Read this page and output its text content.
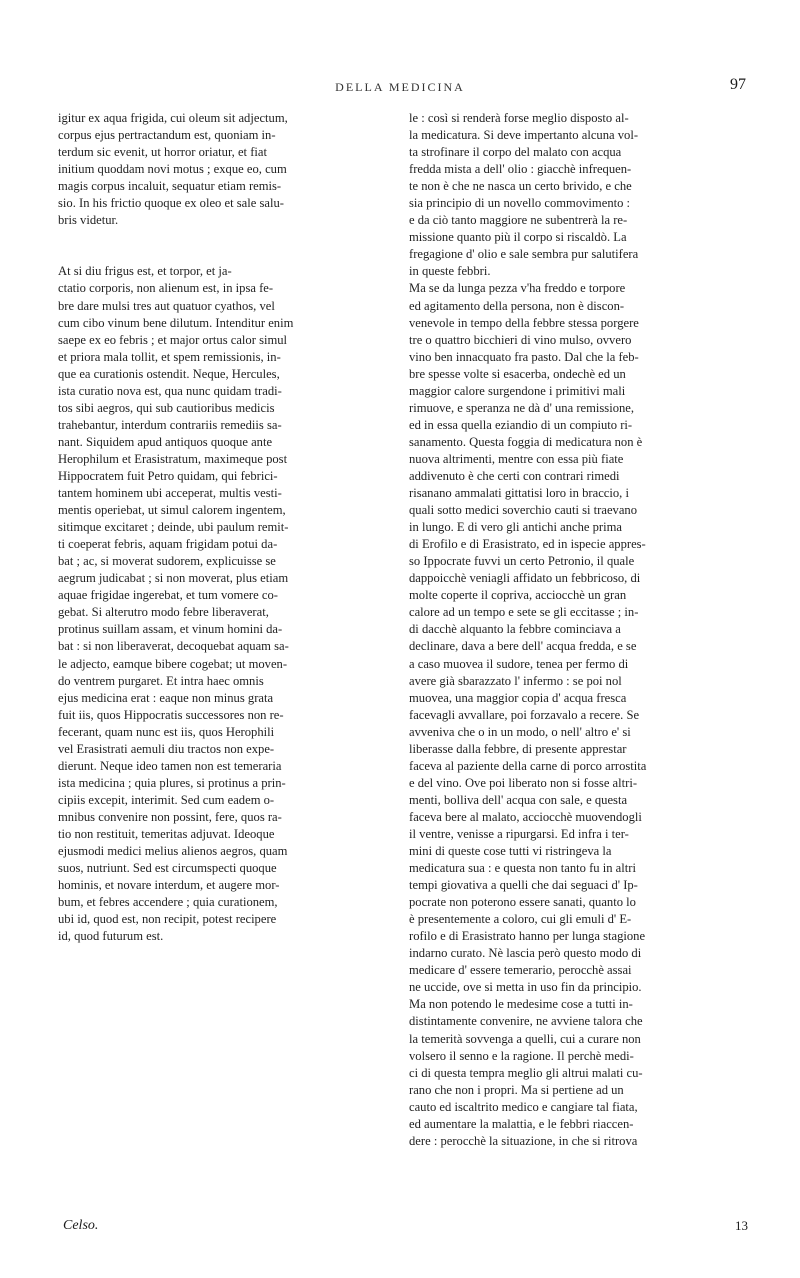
DELLA MEDICINA	97
igitur ex aqua frigida, cui oleum sit adjectum,
corpus ejus pertractandum est, quoniam in-
terdum sic evenit, ut horror oriatur, et fiat
initium quoddam novi motus ; exque eo, cum
magis corpus incaluit, sequatur etiam remis-
sio. In his frictio quoque ex oleo et sale salu-
bris videtur.
At si diu frigus est, et torpor, et ja-
ctatio corporis, non alienum est, in ipsa fe-
bre dare mulsi tres aut quatuor cyathos, vel
cum cibo vinum bene dilutum. Intenditur enim
saepe ex eo febris ; et major ortus calor simul
et priora mala tollit, et spem remissionis, in-
que ea curationis ostendit. Neque, Hercules,
ista curatio nova est, qua nunc quidam tradi-
tos sibi aegros, qui sub cautioribus medicis
trahebantur, interdum contrariis remediis sa-
nant. Siquidem apud antiquos quoque ante
Herophilum et Erasistratum, maximeque post
Hippocratem fuit Petro quidam, qui febrici-
tantem hominem ubi acceperat, multis vesti-
mentis operiebat, ut simul calorem ingentem,
sitimque excitaret ; deinde, ubi paulum remit-
ti coeperat febris, aquam frigidam potui da-
bat ; ac, si moverat sudorem, explicuisse se
aegrum judicabat ; si non moverat, plus etiam
aquae frigidae ingerebat, et tum vomere co-
gebat. Si alterutro modo febre liberaverat,
protinus suillam assam, et vinum homini da-
bat : si non liberaverat, decoquebat aquam sa-
le adjecto, eamque bibere cogebat; ut moven-
do ventrem purgaret. Et intra haec omnis
ejus medicina erat : eaque non minus grata
fuit iis, quos Hippocratis successores non re-
fecerant, quam nunc est iis, quos Herophili
vel Erasistrati aemuli diu tractos non expe-
dierunt. Neque ideo tamen non est temeraria
ista medicina ; quia plures, si protinus a prin-
cipiis excepit, interimit. Sed cum eadem o-
mnibus convenire non possint, fere, quos ra-
tio non restituit, temeritas adjuvat. Ideoque
ejusmodi medici melius alienos aegros, quam
suos, nutriunt. Sed est circumspecti quoque
hominis, et novare interdum, et augere mor-
bum, et febres accendere ; quia curationem,
ubi id, quod est, non recipit, potest recipere
id, quod futurum est.
le : così si renderà forse meglio disposto al-
la medicatura. Si deve impertanto alcuna vol-
ta strofinare il corpo del malato con acqua
fredda mista a dell' olio : giacchè infrequen-
te non è che ne nasca un certo brivido, e che
sia principio di un novello commovimento :
e da ciò tanto maggiore ne subentrerà la re-
missione quanto più il corpo si riscaldò. La
fregagione d' olio e sale sembra pur salutifera
in queste febbri.
Ma se da lunga pezza v'ha freddo e torpore
ed agitamento della persona, non è discon-
venevole in tempo della febbre stessa porgere
tre o quattro bicchieri di vino mulso, ovvero
vino ben innacquato fra pasto. Dal che la feb-
bre spesse volte si esacerba, ondechè ed un
maggior calore surgendone i primitivi mali
rimuove, e speranza ne dà d' una remissione,
ed in essa quella eziandio di un compiuto ri-
sanamento. Questa foggia di medicatura non è
nuova altrimenti, mentre con essa più fiate
addivenuto è che certi con contrari rimedi
risanano ammalati gittatisi loro in braccio, i
quali sotto medici soverchio cauti si traevano
in lungo. E di vero gli antichi anche prima
di Erofilo e di Erasistrato, ed in ispecie appres-
so Ippocrate fuvvi un certo Petronio, il quale
dappoicchè veniagli affidato un febbricoso, di
molte coperte il copriva, acciocchè un gran
calore ad un tempo e sete se gli eccitasse ; in-
di dacchè alquanto la febbre cominciava a
declinare, dava a bere dell' acqua fredda, e se
a caso muovea il sudore, tenea per fermo di
avere già sbarazzato l' infermo : se poi nol
muovea, una maggior copia d' acqua fresca
facevagli avvallare, poi forzavalo a recere. Se
avveniva che o in un modo, o nell' altro e' si
liberasse dalla febbre, di presente apprestar
faceva al paziente della carne di porco arrostita
e del vino. Ove poi liberato non si fosse altri-
menti, bolliva dell' acqua con sale, e questa
faceva bere al malato, acciocchè muovendogli
il ventre, venisse a ripurgarsi. Ed infra i ter-
mini di queste cose tutti vi ristringeva la
medicatura sua : e questa non tanto fu in altri
tempi giovativa a quelli che dai seguaci d' Ip-
pocrate non poterono essere sanati, quanto lo
è presentemente a coloro, cui gli emuli d' E-
rofilo e di Erasistrato hanno per lunga stagione
indarno curato. Nè lascia però questo modo di
medicare d' essere temerario, perocchè assai
ne uccide, ove si metta in uso fin da principio.
Ma non potendo le medesime cose a tutti in-
distintamente convenire, ne avviene talora che
la temerità sovvenga a quelli, cui a curare non
volsero il senno e la ragione. Il perchè medi-
ci di questa tempra meglio gli altrui malati cu-
rano che non i propri. Ma si pertiene ad un
cauto ed iscaltrito medico e cangiare tal fiata,
ed aumentare la malattia, e le febbri riaccen-
dere : perocchè la situazione, in che si ritrova
Celso.	13
